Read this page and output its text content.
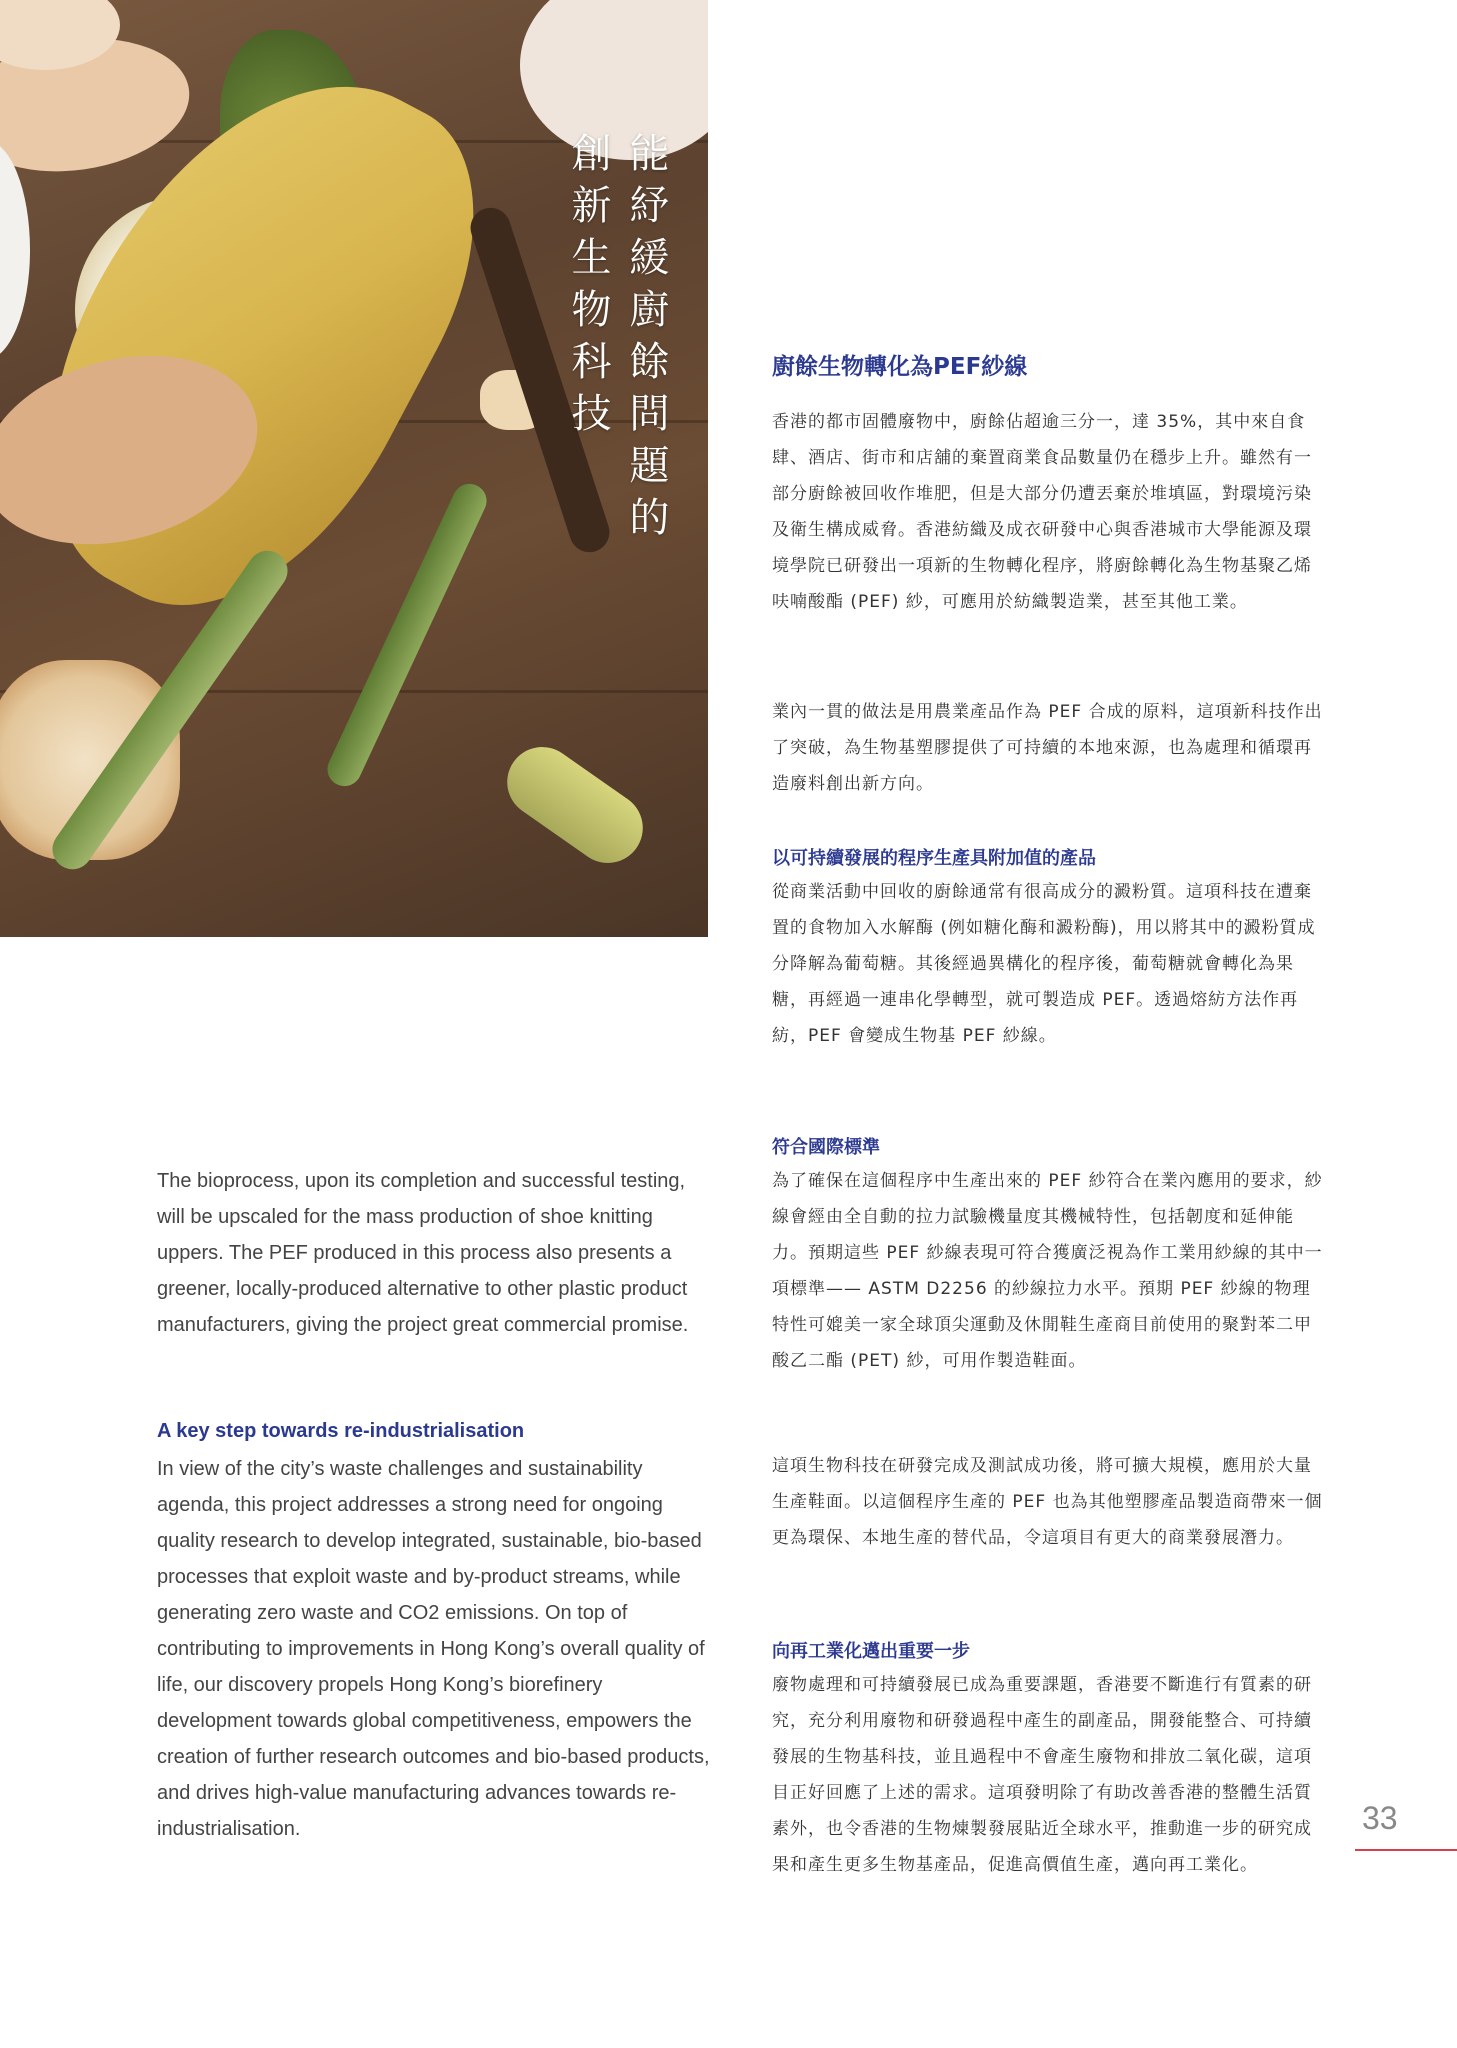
能紓緩廚餘問題的
創新生物科技	廚餘生物轉化為PEF紗線

香港的都市固體廢物中，廚餘佔超逾三分一，達 35%，其中來自食肆、酒店、街市和店舖的棄置商業食品數量仍在穩步上升。雖然有一部分廚餘被回收作堆肥，但是大部分仍遭丟棄於堆填區，對環境污染及衛生構成威脅。香港紡織及成衣研發中心與香港城市大學能源及環境學院已研發出一項新的生物轉化程序，將廚餘轉化為生物基聚乙烯呋喃酸酯 (PEF) 紗，可應用於紡織製造業，甚至其他工業。

業內一貫的做法是用農業產品作為 PEF 合成的原料，這項新科技作出了突破，為生物基塑膠提供了可持續的本地來源，也為處理和循環再造廢料創出新方向。

以可持續發展的程序生產具附加值的產品

從商業活動中回收的廚餘通常有很高成分的澱粉質。這項科技在遭棄置的食物加入水解酶 (例如糖化酶和澱粉酶)，用以將其中的澱粉質成分降解為葡萄糖。其後經過異構化的程序後，葡萄糖就會轉化為果糖，再經過一連串化學轉型，就可製造成 PEF。透過熔紡方法作再紡，PEF 會變成生物基 PEF 紗線。

符合國際標準

為了確保在這個程序中生產出來的 PEF 紗符合在業內應用的要求，紗線會經由全自動的拉力試驗機量度其機械特性，包括韌度和延伸能力。預期這些 PEF 紗線表現可符合獲廣泛視為作工業用紗線的其中一項標準—— ASTM D2256 的紗線拉力水平。預期 PEF 紗線的物理特性可媲美一家全球頂尖運動及休閒鞋生產商目前使用的聚對苯二甲酸乙二酯 (PET) 紗，可用作製造鞋面。

這項生物科技在研發完成及測試成功後，將可擴大規模，應用於大量生產鞋面。以這個程序生產的 PEF 也為其他塑膠產品製造商帶來一個更為環保、本地生產的替代品，令這項目有更大的商業發展潛力。

向再工業化邁出重要一步

廢物處理和可持續發展已成為重要課題，香港要不斷進行有質素的研究，充分利用廢物和研發過程中產生的副產品，開發能整合、可持續發展的生物基科技，並且過程中不會產生廢物和排放二氧化碳，這項目正好回應了上述的需求。這項發明除了有助改善香港的整體生活質素外，也令香港的生物煉製發展貼近全球水平，推動進一步的研究成果和產生更多生物基產品，促進高價值生產，邁向再工業化。

The bioprocess, upon its completion and successful testing, will be upscaled for the mass production of shoe knitting uppers. The PEF produced in this process also presents a greener, locally-produced alternative to other plastic product manufacturers, giving the project great commercial promise.

A key step towards re-industrialisation

In view of the city’s waste challenges and sustainability agenda, this project addresses a strong need for ongoing quality research to develop integrated, sustainable, bio-based processes that exploit waste and by-product streams, while generating zero waste and CO2 emissions. On top of contributing to improvements in Hong Kong’s overall quality of life, our discovery propels Hong Kong’s biorefinery development towards global competitiveness, empowers the creation of further research outcomes and bio-based products, and drives high-value manufacturing advances towards re-industrialisation.	33
